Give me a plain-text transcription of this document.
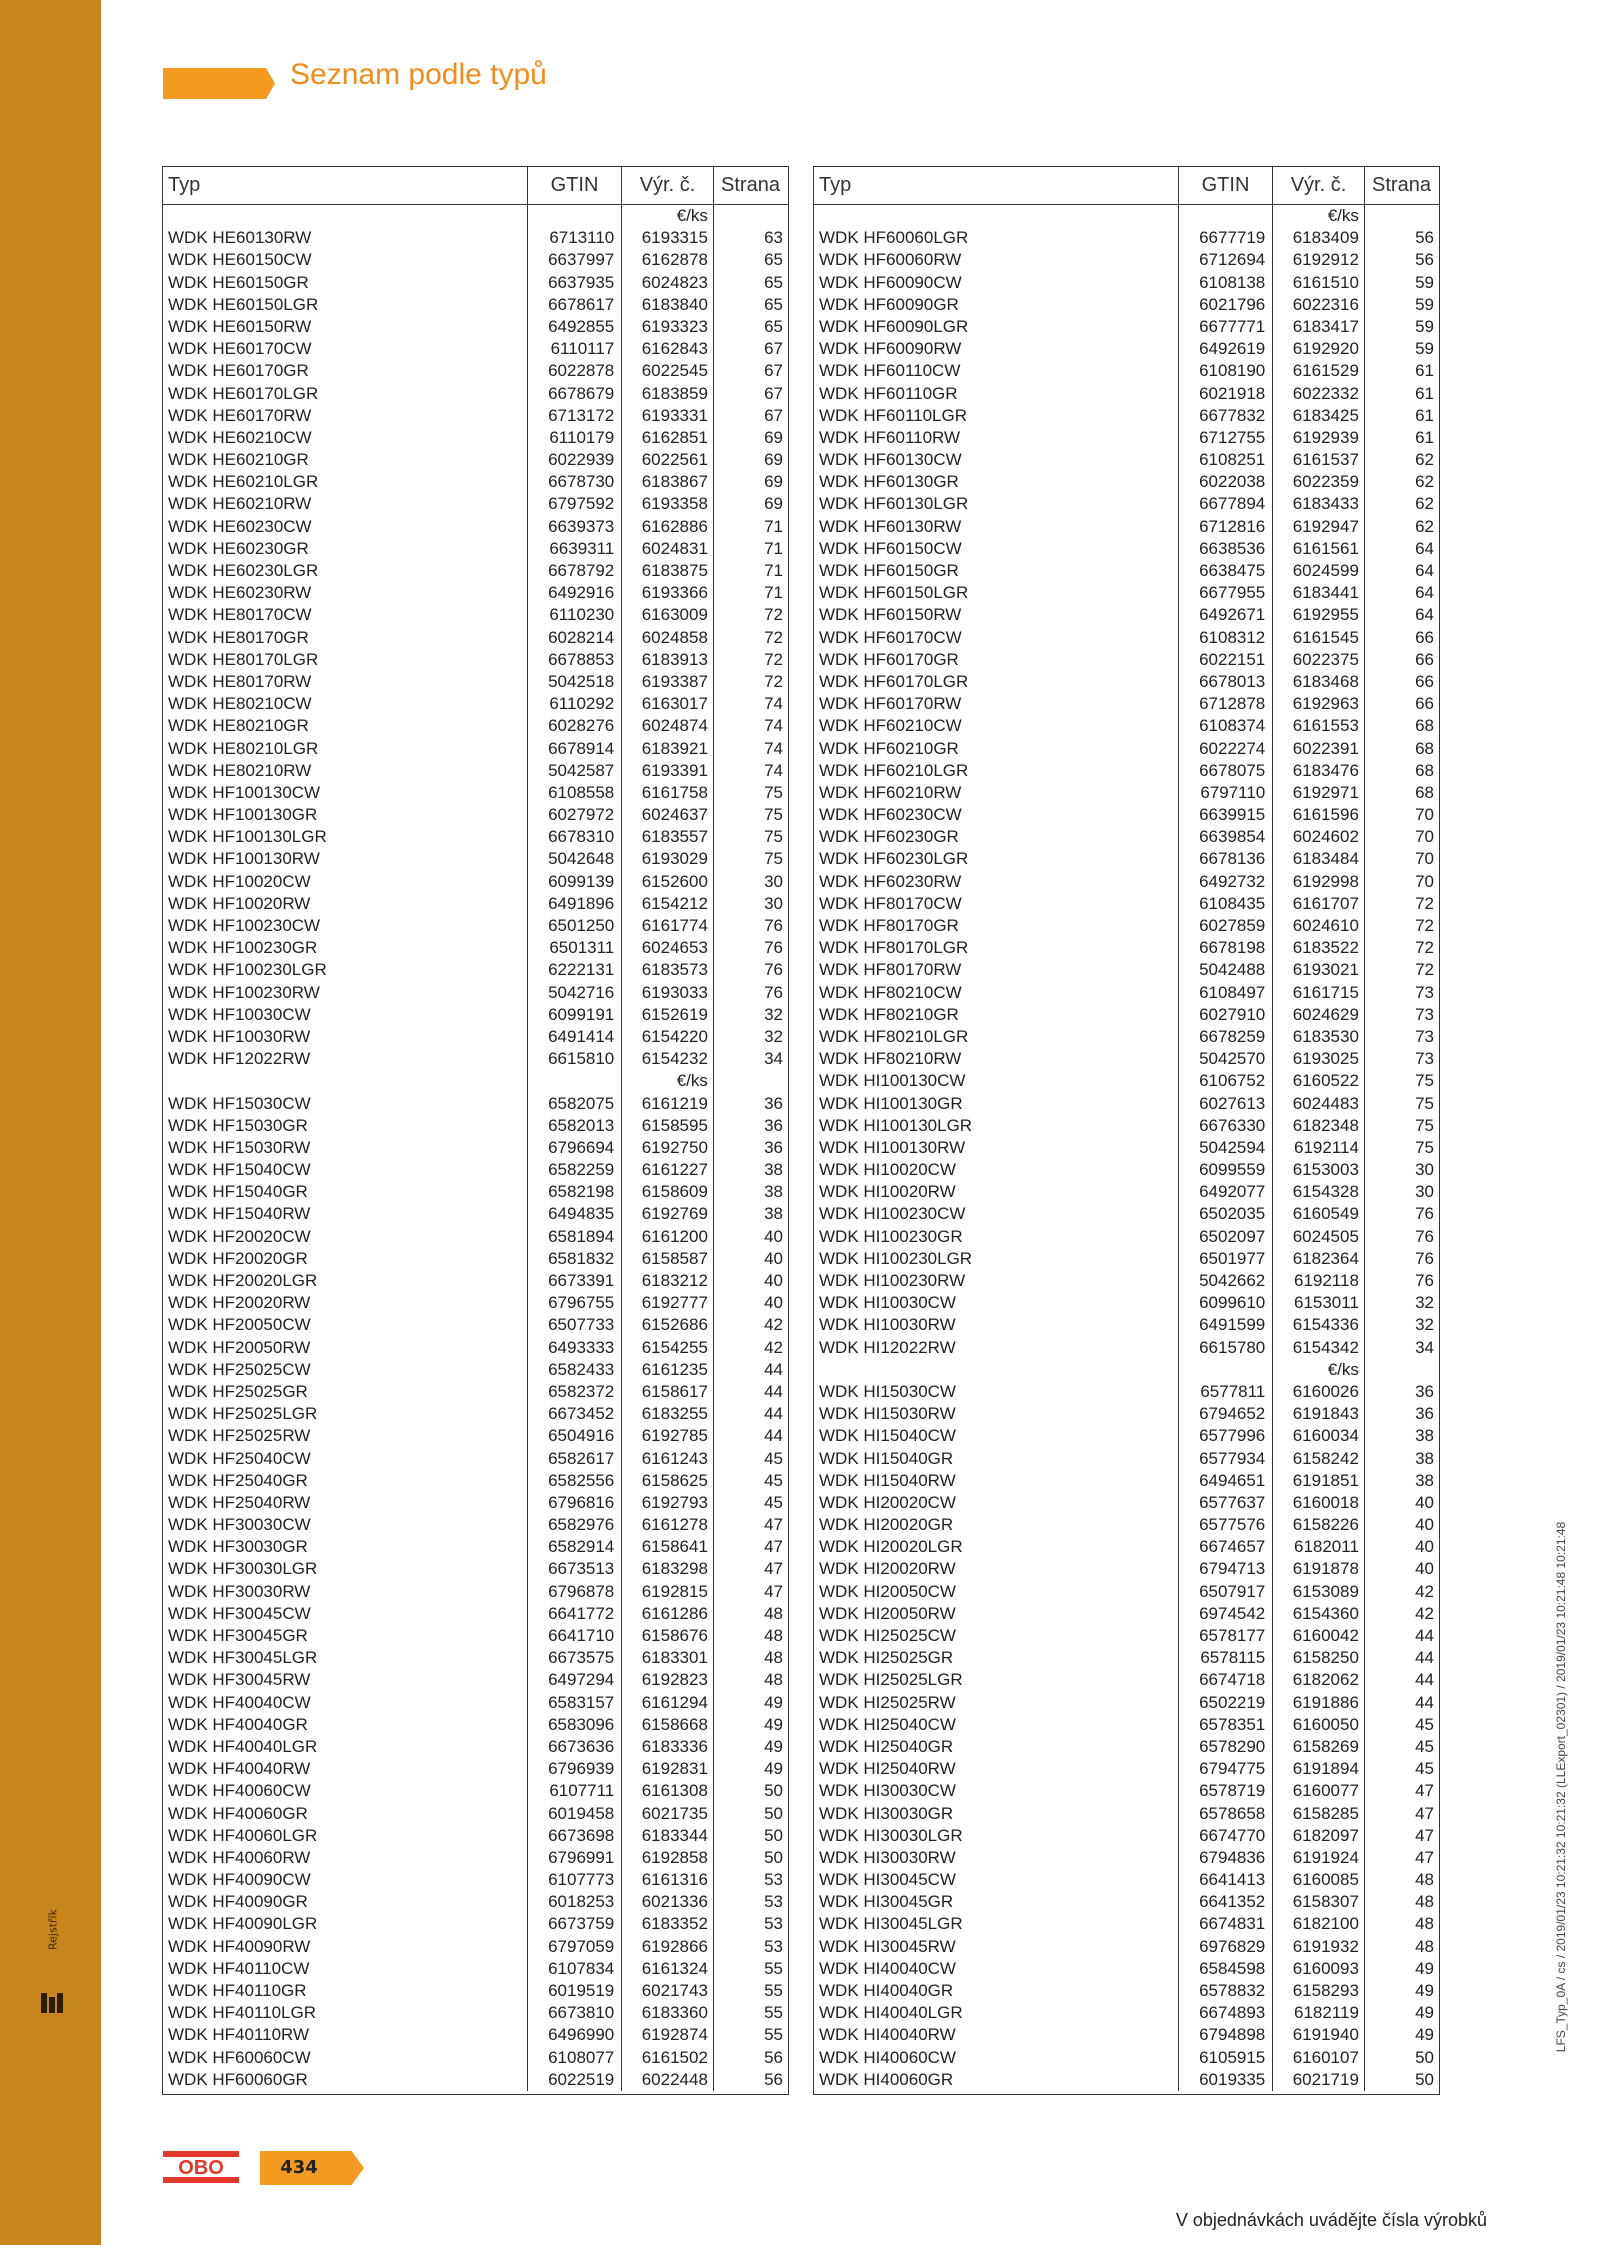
Rejstřík
Seznam podle typů
Typ	GTIN	Výr. č.	Strana
€/ks
WDK HE60130RW	6713110	6193315	63
WDK HE60150CW	6637997	6162878	65
WDK HE60150GR	6637935	6024823	65
WDK HE60150LGR	6678617	6183840	65
WDK HE60150RW	6492855	6193323	65
WDK HE60170CW	6110117	6162843	67
WDK HE60170GR	6022878	6022545	67
WDK HE60170LGR	6678679	6183859	67
WDK HE60170RW	6713172	6193331	67
WDK HE60210CW	6110179	6162851	69
WDK HE60210GR	6022939	6022561	69
WDK HE60210LGR	6678730	6183867	69
WDK HE60210RW	6797592	6193358	69
WDK HE60230CW	6639373	6162886	71
WDK HE60230GR	6639311	6024831	71
WDK HE60230LGR	6678792	6183875	71
WDK HE60230RW	6492916	6193366	71
WDK HE80170CW	6110230	6163009	72
WDK HE80170GR	6028214	6024858	72
WDK HE80170LGR	6678853	6183913	72
WDK HE80170RW	5042518	6193387	72
WDK HE80210CW	6110292	6163017	74
WDK HE80210GR	6028276	6024874	74
WDK HE80210LGR	6678914	6183921	74
WDK HE80210RW	5042587	6193391	74
WDK HF100130CW	6108558	6161758	75
WDK HF100130GR	6027972	6024637	75
WDK HF100130LGR	6678310	6183557	75
WDK HF100130RW	5042648	6193029	75
WDK HF10020CW	6099139	6152600	30
WDK HF10020RW	6491896	6154212	30
WDK HF100230CW	6501250	6161774	76
WDK HF100230GR	6501311	6024653	76
WDK HF100230LGR	6222131	6183573	76
WDK HF100230RW	5042716	6193033	76
WDK HF10030CW	6099191	6152619	32
WDK HF10030RW	6491414	6154220	32
WDK HF12022RW	6615810	6154232	34
€/ks
WDK HF15030CW	6582075	6161219	36
WDK HF15030GR	6582013	6158595	36
WDK HF15030RW	6796694	6192750	36
WDK HF15040CW	6582259	6161227	38
WDK HF15040GR	6582198	6158609	38
WDK HF15040RW	6494835	6192769	38
WDK HF20020CW	6581894	6161200	40
WDK HF20020GR	6581832	6158587	40
WDK HF20020LGR	6673391	6183212	40
WDK HF20020RW	6796755	6192777	40
WDK HF20050CW	6507733	6152686	42
WDK HF20050RW	6493333	6154255	42
WDK HF25025CW	6582433	6161235	44
WDK HF25025GR	6582372	6158617	44
WDK HF25025LGR	6673452	6183255	44
WDK HF25025RW	6504916	6192785	44
WDK HF25040CW	6582617	6161243	45
WDK HF25040GR	6582556	6158625	45
WDK HF25040RW	6796816	6192793	45
WDK HF30030CW	6582976	6161278	47
WDK HF30030GR	6582914	6158641	47
WDK HF30030LGR	6673513	6183298	47
WDK HF30030RW	6796878	6192815	47
WDK HF30045CW	6641772	6161286	48
WDK HF30045GR	6641710	6158676	48
WDK HF30045LGR	6673575	6183301	48
WDK HF30045RW	6497294	6192823	48
WDK HF40040CW	6583157	6161294	49
WDK HF40040GR	6583096	6158668	49
WDK HF40040LGR	6673636	6183336	49
WDK HF40040RW	6796939	6192831	49
WDK HF40060CW	6107711	6161308	50
WDK HF40060GR	6019458	6021735	50
WDK HF40060LGR	6673698	6183344	50
WDK HF40060RW	6796991	6192858	50
WDK HF40090CW	6107773	6161316	53
WDK HF40090GR	6018253	6021336	53
WDK HF40090LGR	6673759	6183352	53
WDK HF40090RW	6797059	6192866	53
WDK HF40110CW	6107834	6161324	55
WDK HF40110GR	6019519	6021743	55
WDK HF40110LGR	6673810	6183360	55
WDK HF40110RW	6496990	6192874	55
WDK HF60060CW	6108077	6161502	56
WDK HF60060GR	6022519	6022448	56
Typ	GTIN	Výr. č.	Strana
€/ks
WDK HF60060LGR	6677719	6183409	56
WDK HF60060RW	6712694	6192912	56
WDK HF60090CW	6108138	6161510	59
WDK HF60090GR	6021796	6022316	59
WDK HF60090LGR	6677771	6183417	59
WDK HF60090RW	6492619	6192920	59
WDK HF60110CW	6108190	6161529	61
WDK HF60110GR	6021918	6022332	61
WDK HF60110LGR	6677832	6183425	61
WDK HF60110RW	6712755	6192939	61
WDK HF60130CW	6108251	6161537	62
WDK HF60130GR	6022038	6022359	62
WDK HF60130LGR	6677894	6183433	62
WDK HF60130RW	6712816	6192947	62
WDK HF60150CW	6638536	6161561	64
WDK HF60150GR	6638475	6024599	64
WDK HF60150LGR	6677955	6183441	64
WDK HF60150RW	6492671	6192955	64
WDK HF60170CW	6108312	6161545	66
WDK HF60170GR	6022151	6022375	66
WDK HF60170LGR	6678013	6183468	66
WDK HF60170RW	6712878	6192963	66
WDK HF60210CW	6108374	6161553	68
WDK HF60210GR	6022274	6022391	68
WDK HF60210LGR	6678075	6183476	68
WDK HF60210RW	6797110	6192971	68
WDK HF60230CW	6639915	6161596	70
WDK HF60230GR	6639854	6024602	70
WDK HF60230LGR	6678136	6183484	70
WDK HF60230RW	6492732	6192998	70
WDK HF80170CW	6108435	6161707	72
WDK HF80170GR	6027859	6024610	72
WDK HF80170LGR	6678198	6183522	72
WDK HF80170RW	5042488	6193021	72
WDK HF80210CW	6108497	6161715	73
WDK HF80210GR	6027910	6024629	73
WDK HF80210LGR	6678259	6183530	73
WDK HF80210RW	5042570	6193025	73
WDK HI100130CW	6106752	6160522	75
WDK HI100130GR	6027613	6024483	75
WDK HI100130LGR	6676330	6182348	75
WDK HI100130RW	5042594	6192114	75
WDK HI10020CW	6099559	6153003	30
WDK HI10020RW	6492077	6154328	30
WDK HI100230CW	6502035	6160549	76
WDK HI100230GR	6502097	6024505	76
WDK HI100230LGR	6501977	6182364	76
WDK HI100230RW	5042662	6192118	76
WDK HI10030CW	6099610	6153011	32
WDK HI10030RW	6491599	6154336	32
WDK HI12022RW	6615780	6154342	34
€/ks
WDK HI15030CW	6577811	6160026	36
WDK HI15030RW	6794652	6191843	36
WDK HI15040CW	6577996	6160034	38
WDK HI15040GR	6577934	6158242	38
WDK HI15040RW	6494651	6191851	38
WDK HI20020CW	6577637	6160018	40
WDK HI20020GR	6577576	6158226	40
WDK HI20020LGR	6674657	6182011	40
WDK HI20020RW	6794713	6191878	40
WDK HI20050CW	6507917	6153089	42
WDK HI20050RW	6974542	6154360	42
WDK HI25025CW	6578177	6160042	44
WDK HI25025GR	6578115	6158250	44
WDK HI25025LGR	6674718	6182062	44
WDK HI25025RW	6502219	6191886	44
WDK HI25040CW	6578351	6160050	45
WDK HI25040GR	6578290	6158269	45
WDK HI25040RW	6794775	6191894	45
WDK HI30030CW	6578719	6160077	47
WDK HI30030GR	6578658	6158285	47
WDK HI30030LGR	6674770	6182097	47
WDK HI30030RW	6794836	6191924	47
WDK HI30045CW	6641413	6160085	48
WDK HI30045GR	6641352	6158307	48
WDK HI30045LGR	6674831	6182100	48
WDK HI30045RW	6976829	6191932	48
WDK HI40040CW	6584598	6160093	49
WDK HI40040GR	6578832	6158293	49
WDK HI40040LGR	6674893	6182119	49
WDK HI40040RW	6794898	6191940	49
WDK HI40060CW	6105915	6160107	50
WDK HI40060GR	6019335	6021719	50
OBO	434
V objednávkách uvádějte čísla výrobků
LFS_Typ_0A / cs / 2019/01/23 10:21:32 10:21:32 (LLExport_02301) / 2019/01/23 10:21:48 10:21:48
